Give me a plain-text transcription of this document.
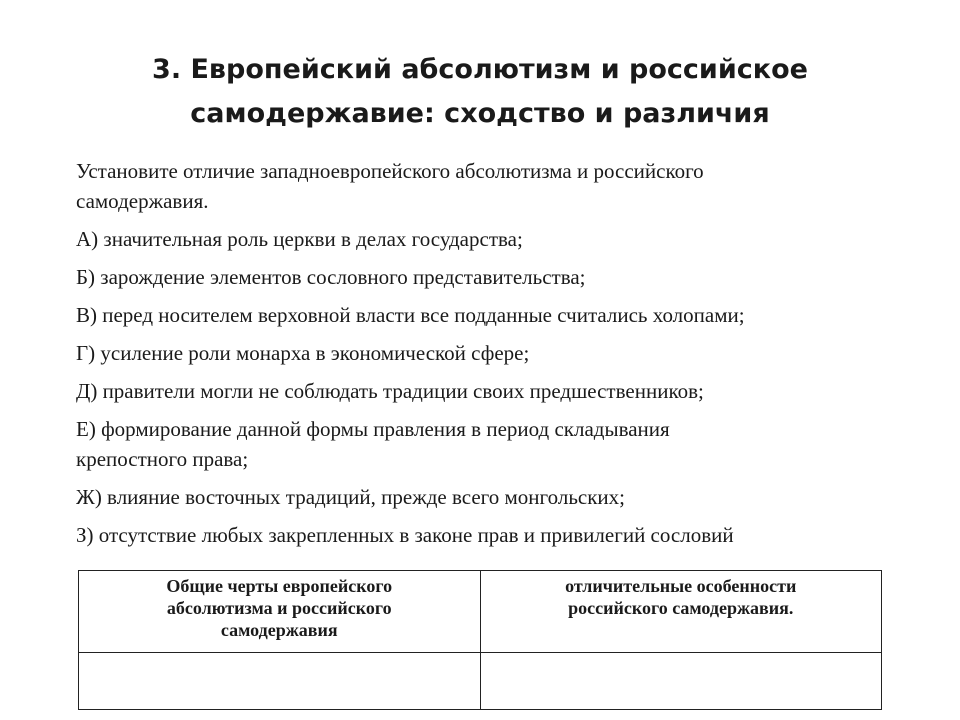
3. Европейский абсолютизм и российское
самодержавие: сходство и различия

Установите отличие западноевропейского абсолютизма и российского
самодержавия.

А) значительная роль церкви в делах государства;

Б) зарождение элементов сословного представительства;

В) перед носителем верховной власти все подданные считались холопами;

Г) усиление роли монарха в экономической сфере;

Д) правители могли не соблюдать традиции своих предшественников;

Е) формирование данной формы правления в период складывания
крепостного права;

Ж) влияние восточных традиций, прежде всего монгольских;

З) отсутствие любых закрепленных в законе прав и привилегий сословий

Общие черты европейского
абсолютизма и российского
самодержавия	отличительные особенности
российского самодержавия.
